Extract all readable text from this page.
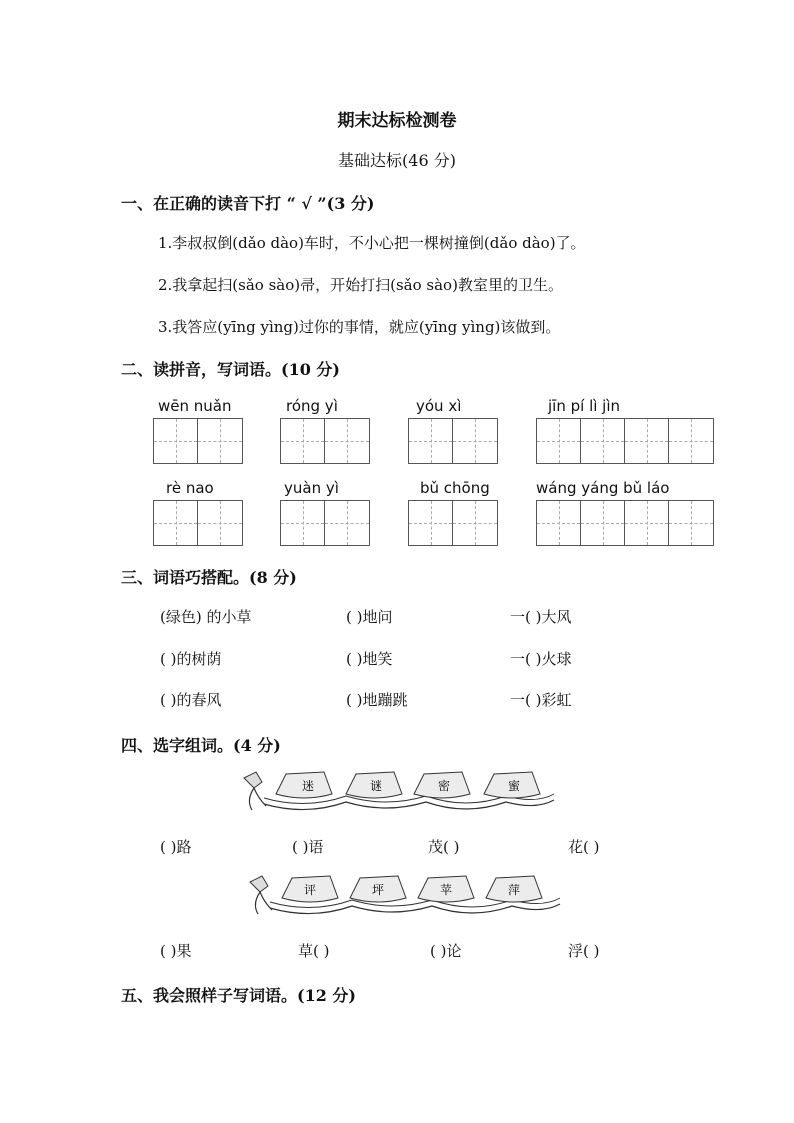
期末达标检测卷
基础达标(46 分)
一、在正确的读音下打 “ √ ”(3 分)
1.李叔叔倒(dǎo dào)车时，不小心把一棵树撞倒(dǎo dào)了。
2.我拿起扫(sǎo sào)帚，开始打扫(sǎo sào)教室里的卫生。
3.我答应(yīng yìng)过你的事情，就应(yīng yìng)该做到。
二、读拼音，写词语。(10 分)
wēn nuǎn	róng yì	yóu xì	jīn pí lì jìn
rè nao	yuàn yì	bǔ chōng	wáng yáng bǔ láo
三、词语巧搭配。(8 分)
(绿色) 的小草	( )地问	一( )大风
( )的树荫	( )地笑	一( )火球
( )的春风	( )地蹦跳	一( )彩虹
四、选字组词。(4 分)
迷	谜	密	蜜
( )路	( )语	茂( )	花( )
评	坪	苹	萍
( )果	草( )	( )论	浮( )
五、我会照样子写词语。(12 分)
